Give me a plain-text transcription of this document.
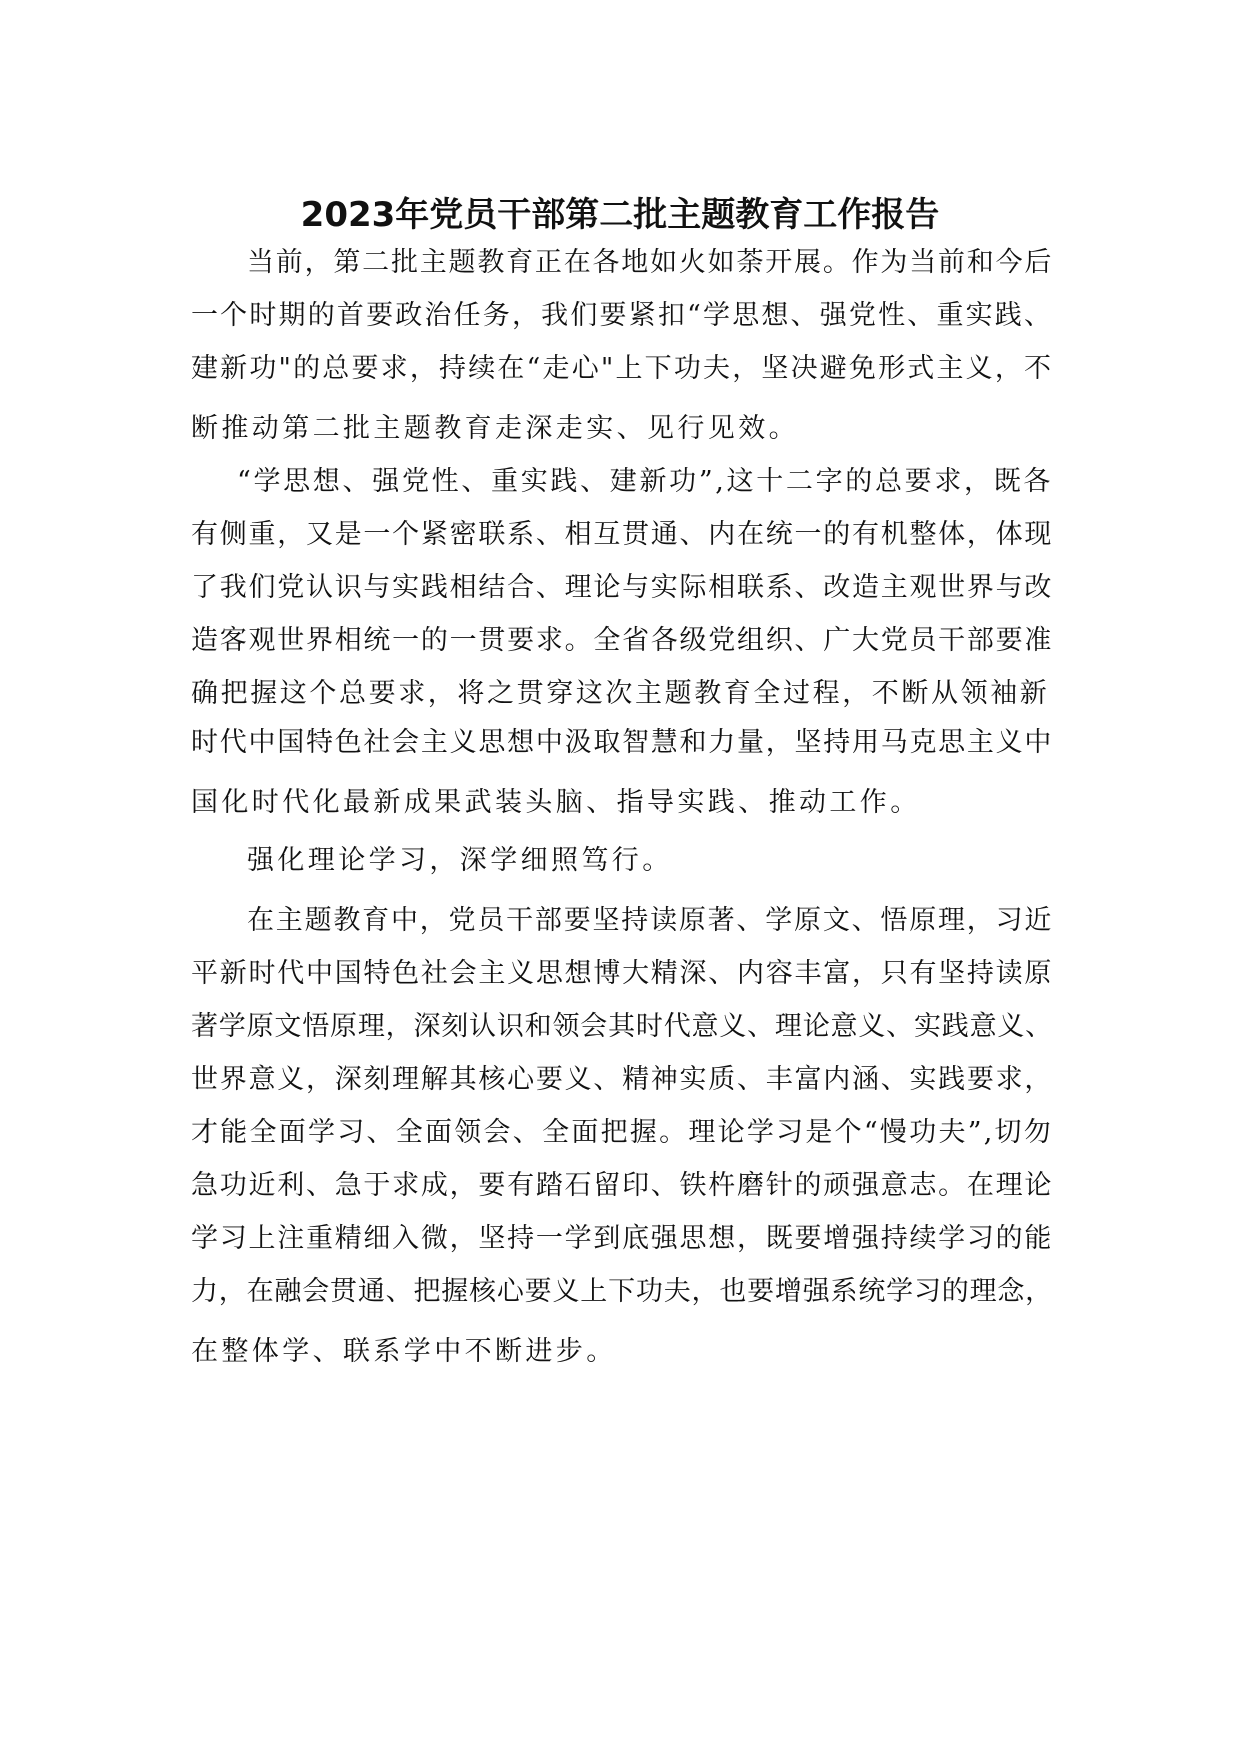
2023年党员干部第二批主题教育工作报告
当前，第二批主题教育正在各地如火如荼开展。作为当前和今后
一个时期的首要政治任务，我们要紧扣“学思想、强党性、重实践、
建新功"的总要求，持续在“走心"上下功夫，坚决避免形式主义，不
断推动第二批主题教育走深走实、见行见效。
“学思想、强党性、重实践、建新功”,这十二字的总要求，既各
有侧重，又是一个紧密联系、相互贯通、内在统一的有机整体，体现
了我们党认识与实践相结合、理论与实际相联系、改造主观世界与改
造客观世界相统一的一贯要求。全省各级党组织、广大党员干部要准
确把握这个总要求，将之贯穿这次主题教育全过程，不断从领袖新
时代中国特色社会主义思想中汲取智慧和力量，坚持用马克思主义中
国化时代化最新成果武装头脑、指导实践、推动工作。
强化理论学习，深学细照笃行。
在主题教育中，党员干部要坚持读原著、学原文、悟原理，习近
平新时代中国特色社会主义思想博大精深、内容丰富，只有坚持读原
著学原文悟原理，深刻认识和领会其时代意义、理论意义、实践意义、
世界意义，深刻理解其核心要义、精神实质、丰富内涵、实践要求，
才能全面学习、全面领会、全面把握。理论学习是个“慢功夫”,切勿
急功近利、急于求成，要有踏石留印、铁杵磨针的顽强意志。在理论
学习上注重精细入微，坚持一学到底强思想，既要增强持续学习的能
力，在融会贯通、把握核心要义上下功夫，也要增强系统学习的理念，
在整体学、联系学中不断进步。
